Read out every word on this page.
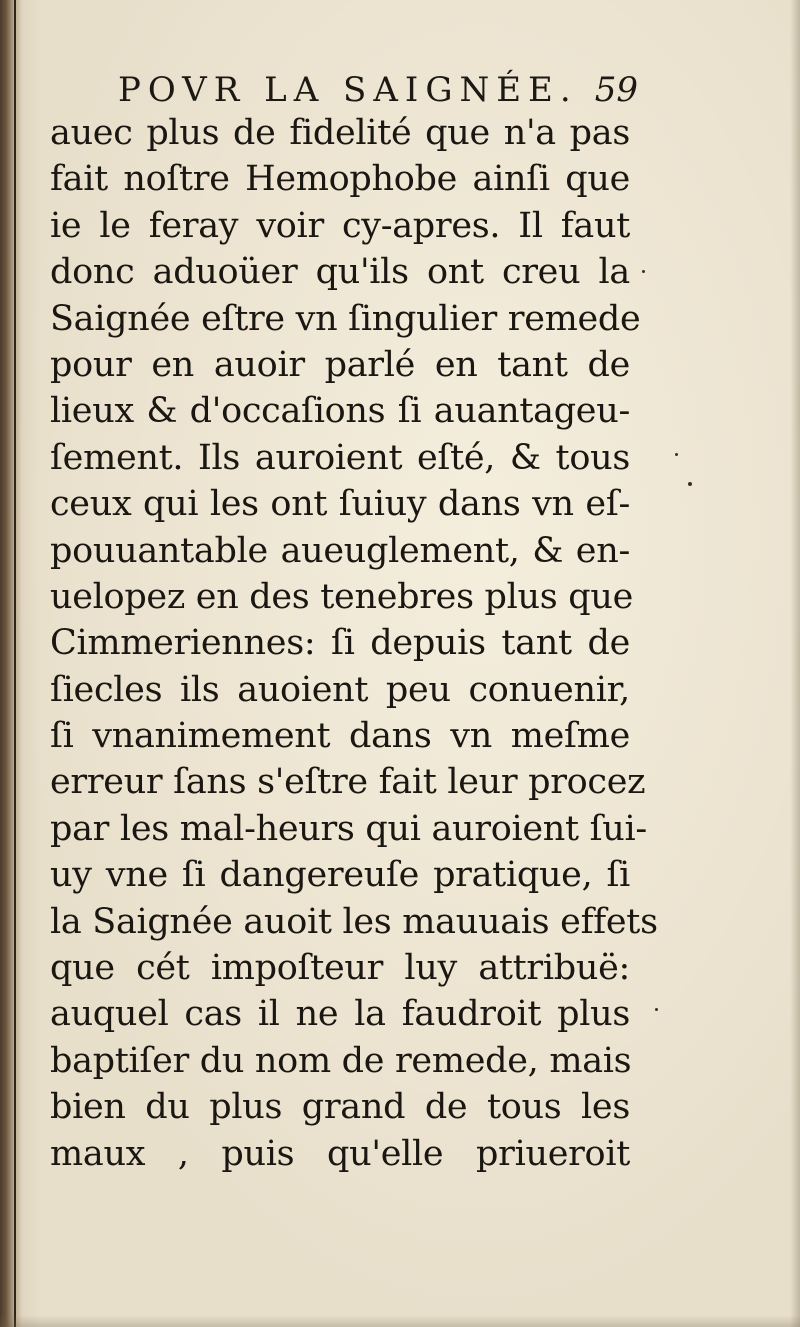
POVR LA SAIGNÉE. 59
auec plus de fidelité que n'a pas
fait noſtre Hemophobe ainſi que
ie le feray voir cy-apres. Il faut
donc aduoüer qu'ils ont creu la
Saignée eſtre vn ſingulier remede
pour en auoir parlé en tant de
lieux & d'occaſions ſi auantageu-
ſement. Ils auroient eſté, & tous
ceux qui les ont ſuiuy dans vn eſ-
pouuantable aueuglement, & en-
uelopez en des tenebres plus que
Cimmeriennes: ſi depuis tant de
ſiecles ils auoient peu conuenir,
ſi vnanimement dans vn meſme
erreur ſans s'eſtre fait leur procez
par les mal-heurs qui auroient ſui-
uy vne ſi dangereuſe pratique, ſi
la Saignée auoit les mauuais effets
que cét impoſteur luy attribuë:
auquel cas il ne la faudroit plus
baptiſer du nom de remede, mais
bien du plus grand de tous les
maux , puis qu'elle priueroit
